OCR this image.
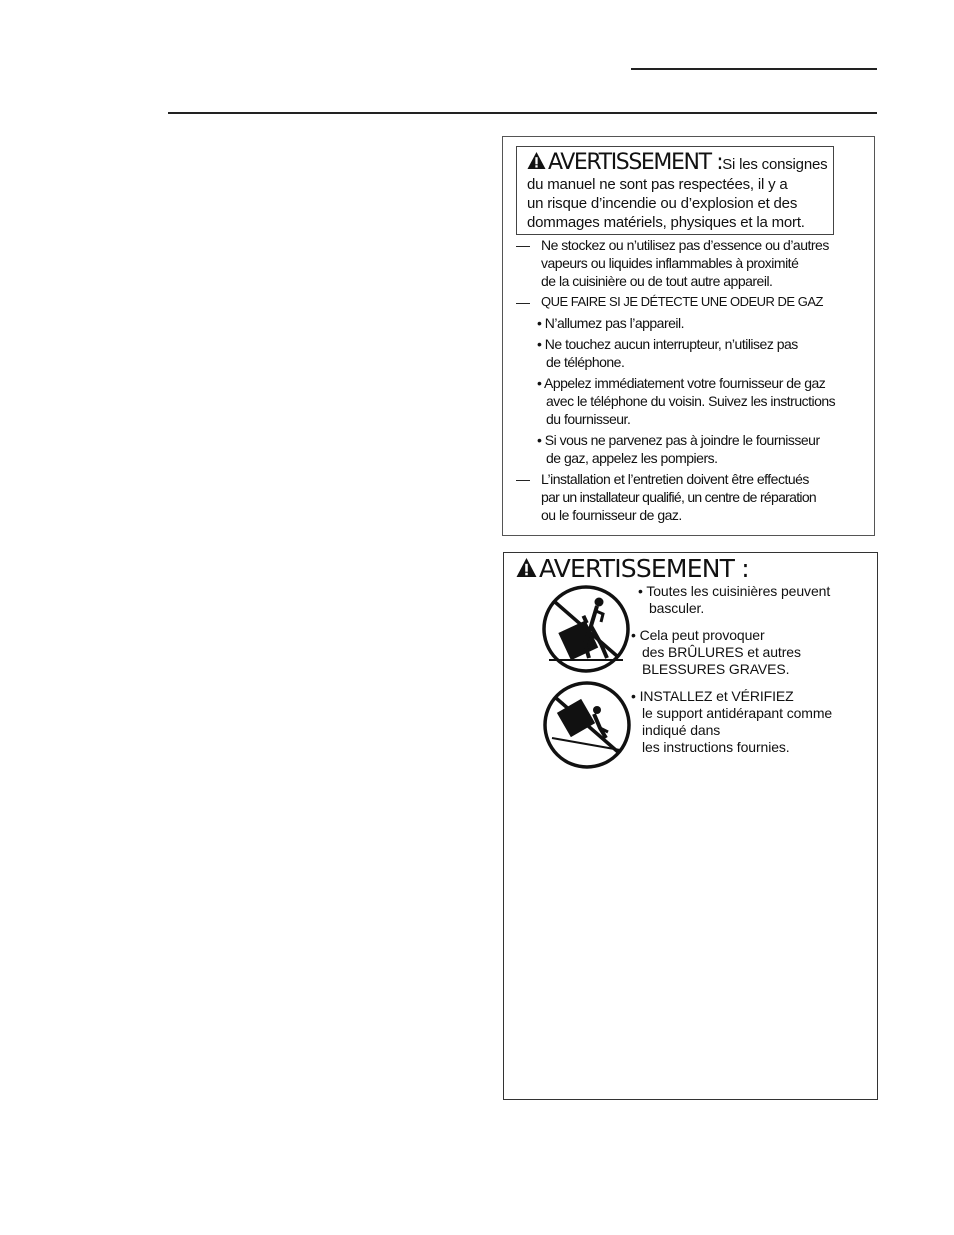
AVERTISSEMENT :Si les consignes

du manuel ne sont pas respectées, il y a

un risque d’incendie ou d’explosion et des

dommages matériels, physiques et la mort.

— Ne stockez ou n’utilisez pas d’essence ou d’autres
vapeurs ou liquides inflammables à proximité
de la cuisinière ou de tout autre appareil.
— QUE FAIRE SI JE DÉTECTE UNE ODEUR DE GAZ
• N’allumez pas l’appareil.
• Ne touchez aucun interrupteur, n’utilisez pas
de téléphone.
• Appelez immédiatement votre fournisseur de gaz
avec le téléphone du voisin. Suivez les instructions
du fournisseur.
• Si vous ne parvenez pas à joindre le fournisseur
de gaz, appelez les pompiers.
— L’installation et l’entretien doivent être effectués
par un installateur qualifié, un centre de réparation
ou le fournisseur de gaz.
AVERTISSEMENT :
• Toutes les cuisinières peuvent
basculer.
• Cela peut provoquer
des BRÛLURES et autres
BLESSURES GRAVES.
• INSTALLEZ et VÉRIFIEZ
le support antidérapant comme
indiqué dans
les instructions fournies.
